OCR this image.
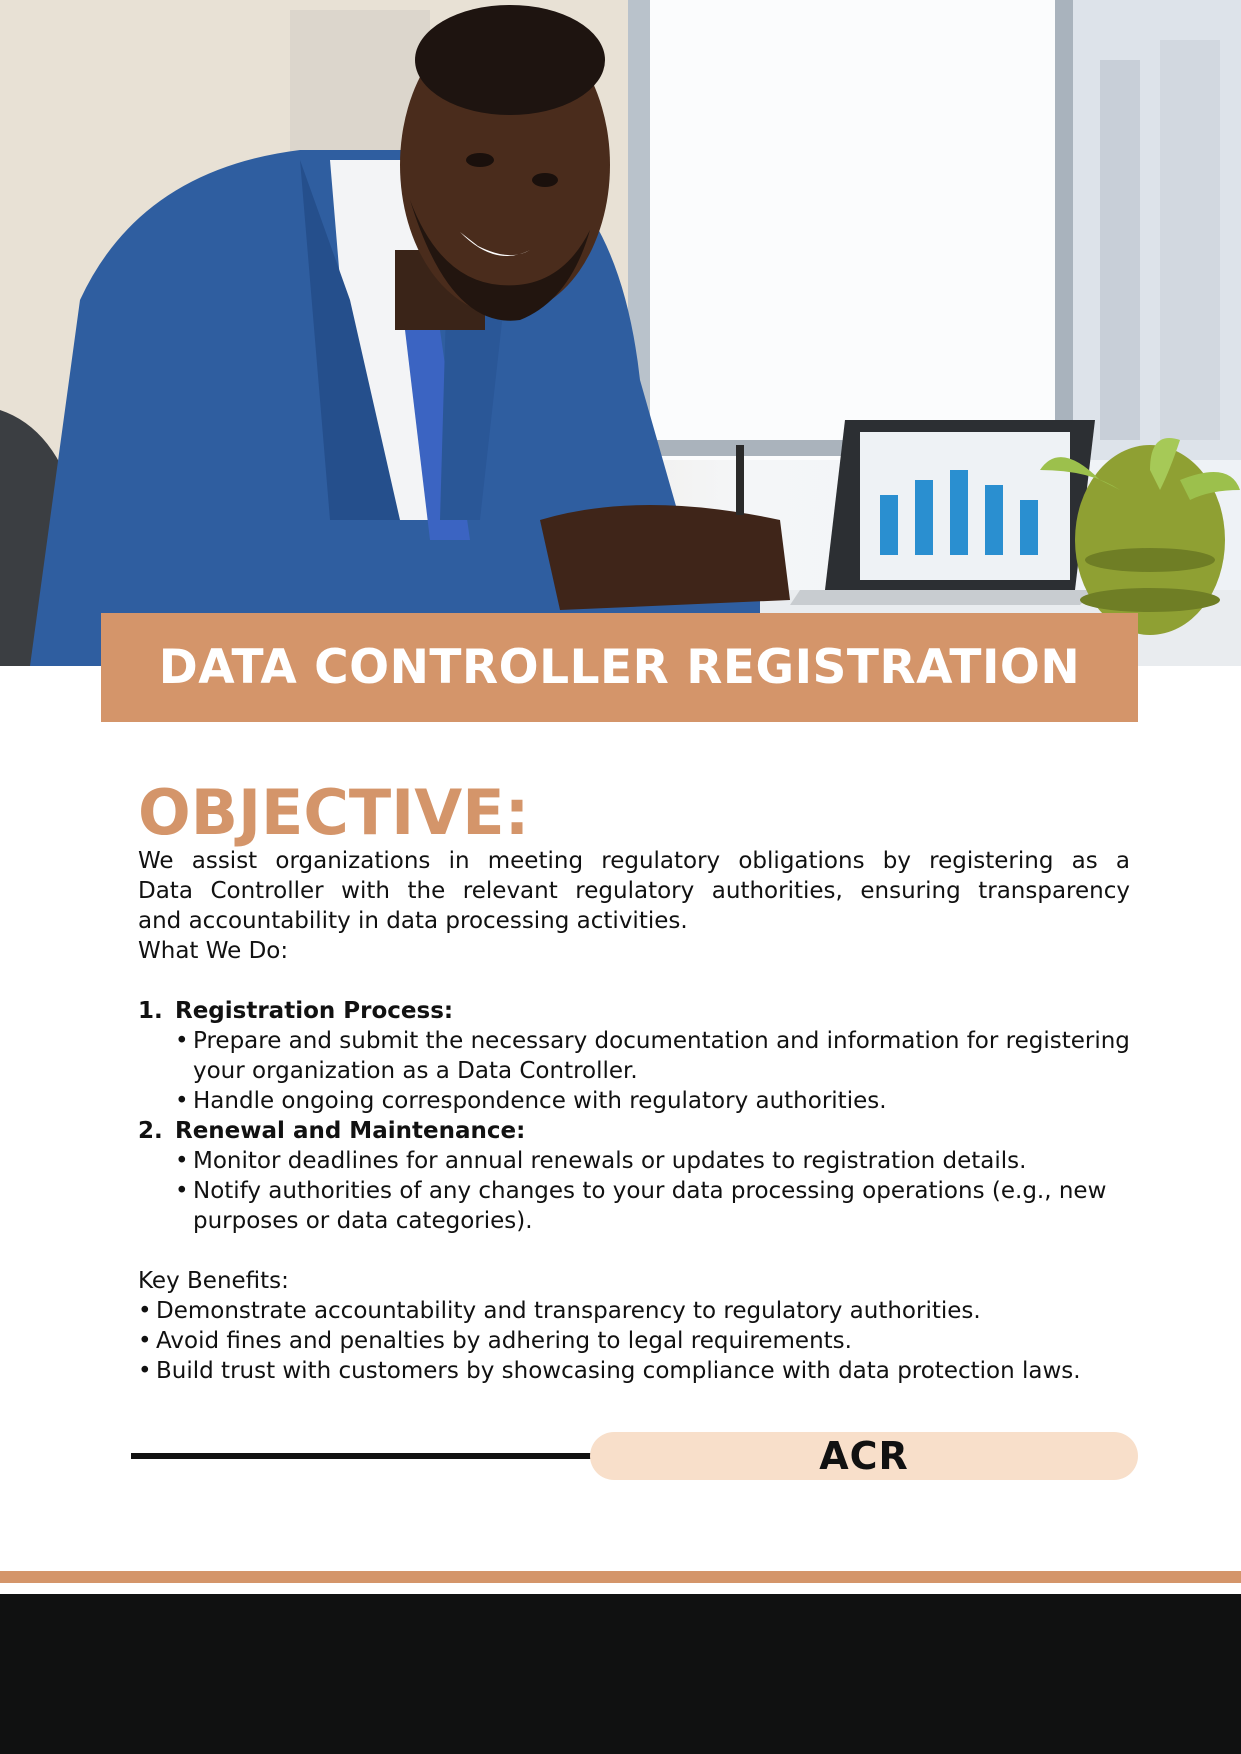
DATA CONTROLLER REGISTRATION
OBJECTIVE:

We assist organizations in meeting regulatory obligations by registering as a

Data Controller with the relevant regulatory authorities, ensuring transparency

and accountability in data processing activities.

What We Do:

1. Registration Process:
• Prepare and submit the necessary documentation and information for registering your organization as a Data Controller.
• Handle ongoing correspondence with regulatory authorities.
2. Renewal and Maintenance:
• Monitor deadlines for annual renewals or updates to registration details.
• Notify authorities of any changes to your data processing operations (e.g., new purposes or data categories).

Key Benefits:

• Demonstrate accountability and transparency to regulatory authorities.
• Avoid fines and penalties by adhering to legal requirements.
• Build trust with customers by showcasing compliance with data protection laws.
ACR
